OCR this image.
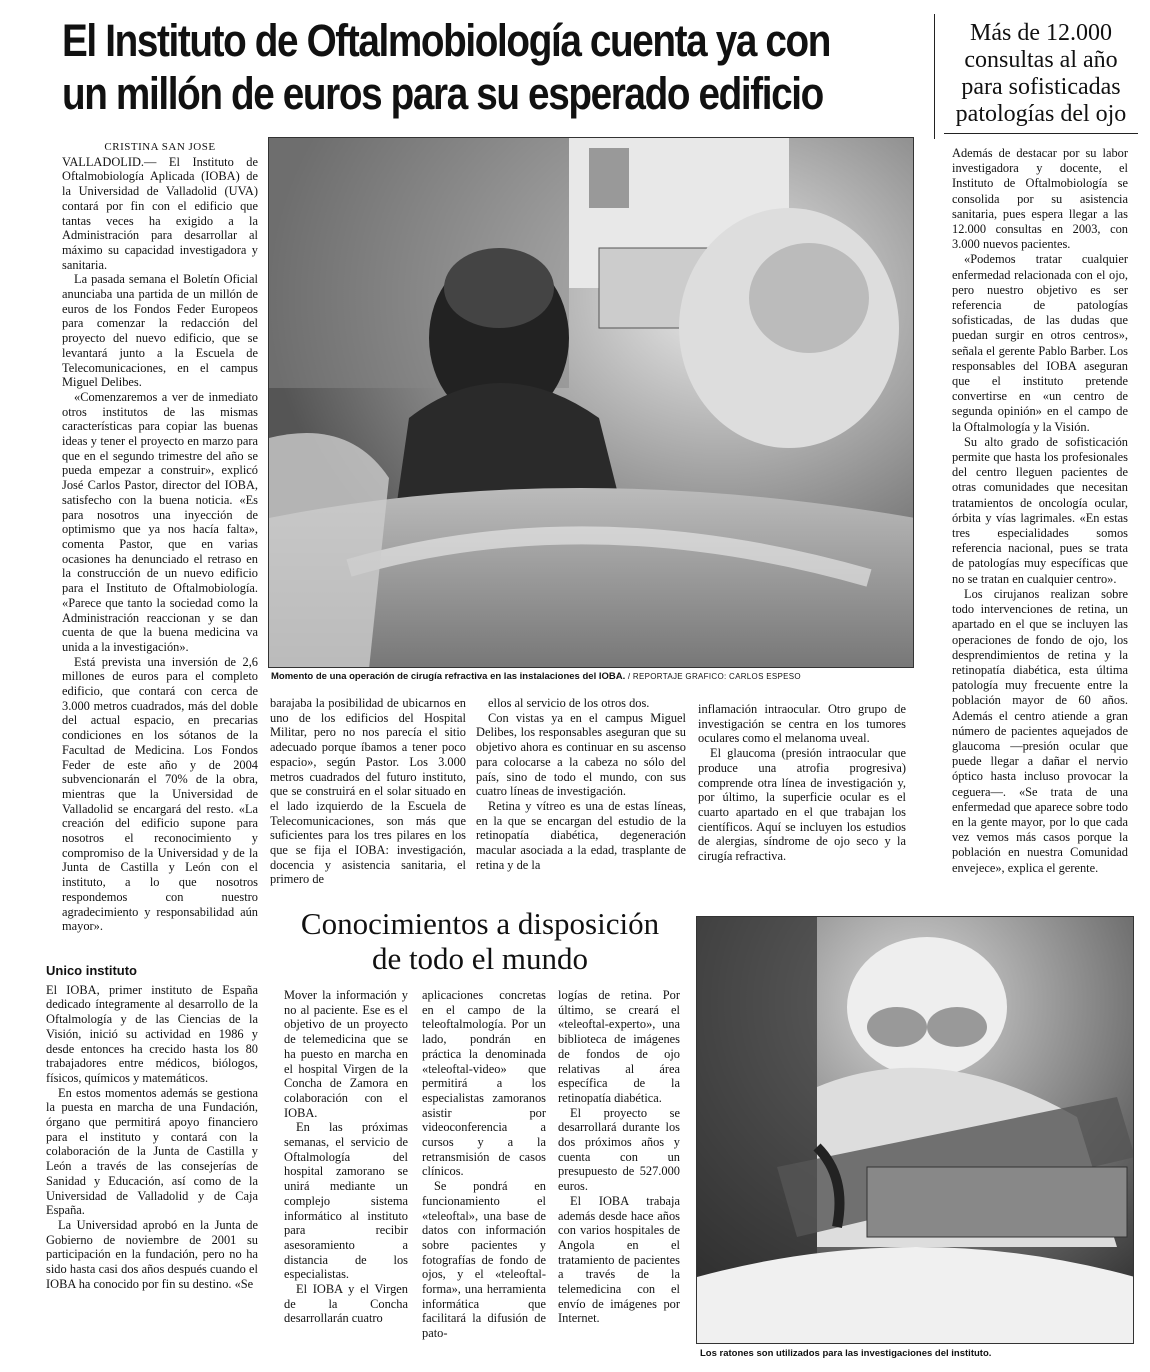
El Instituto de Oftalmobiología cuenta ya con
un millón de euros para su esperado edificio
Más de 12.000
consultas al año
para sofisticadas
patologías del ojo

Además de destacar por su labor investigadora y docente, el Instituto de Oftalmobiología se consolida por su asistencia sanitaria, pues espera llegar a las 12.000 consultas en 2003, con 3.000 nuevos pacientes.

«Podemos tratar cualquier enfermedad relacionada con el ojo, pero nuestro objetivo es ser referencia de patologías sofisticadas, de las dudas que puedan surgir en otros centros», señala el gerente Pablo Barber. Los responsables del IOBA aseguran que el instituto pretende convertirse en «un centro de segunda opinión» en el campo de la Oftalmología y la Visión.

Su alto grado de sofisticación permite que hasta los profesionales del centro lleguen pacientes de otras comunidades que necesitan tratamientos de oncología ocular, órbita y vías lagrimales. «En estas tres especialidades somos referencia nacional, pues se trata de patologías muy específicas que no se tratan en cualquier centro».

Los cirujanos realizan sobre todo intervenciones de retina, un apartado en el que se incluyen las operaciones de fondo de ojo, los desprendimientos de retina y la retinopatía diabética, esta última patología muy frecuente entre la población mayor de 60 años. Además el centro atiende a gran número de pacientes aquejados de glaucoma —presión ocular que puede llegar a dañar el nervio óptico hasta incluso provocar la ceguera—. «Se trata de una enfermedad que aparece sobre todo en la gente mayor, por lo que cada vez vemos más casos porque la población en nuestra Comunidad envejece», explica el gerente.

CRISTINA SAN JOSE

VALLADOLID.— El Instituto de Oftalmobiología Aplicada (IOBA) de la Universidad de Valladolid (UVA) contará por fin con el edificio que tantas veces ha exigido a la Administración para desarrollar al máximo su capacidad investigadora y sanitaria.

La pasada semana el Boletín Oficial anunciaba una partida de un millón de euros de los Fondos Feder Europeos para comenzar la redacción del proyecto del nuevo edificio, que se levantará junto a la Escuela de Telecomunicaciones, en el campus Miguel Delibes.

«Comenzaremos a ver de inmediato otros institutos de las mismas características para copiar las buenas ideas y tener el proyecto en marzo para que en el segundo trimestre del año se pueda empezar a construir», explicó José Carlos Pastor, director del IOBA, satisfecho con la buena noticia. «Es para nosotros una inyección de optimismo que ya nos hacía falta», comenta Pastor, que en varias ocasiones ha denunciado el retraso en la construcción de un nuevo edificio para el Instituto de Oftalmobiología. «Parece que tanto la sociedad como la Administración reaccionan y se dan cuenta de que la buena medicina va unida a la investigación».

Está prevista una inversión de 2,6 millones de euros para el completo edificio, que contará con cerca de 3.000 metros cuadrados, más del doble del actual espacio, en precarias condiciones en los sótanos de la Facultad de Medicina. Los Fondos Feder de este año y de 2004 subvencionarán el 70% de la obra, mientras que la Universidad de Valladolid se encargará del resto. «La creación del edificio supone para nosotros el reconocimiento y compromiso de la Universidad y de la Junta de Castilla y León con el instituto, a lo que nosotros respondemos con nuestro agradecimiento y responsabilidad aún mayor».

Unico instituto

El IOBA, primer instituto de España dedicado íntegramente al desarrollo de la Oftalmología y de las Ciencias de la Visión, inició su actividad en 1986 y desde entonces ha crecido hasta los 80 trabajadores entre médicos, biólogos, físicos, químicos y matemáticos.

En estos momentos además se gestiona la puesta en marcha de una Fundación, órgano que permitirá apoyo financiero para el instituto y contará con la colaboración de la Junta de Castilla y León a través de las consejerías de Sanidad y Educación, así como de la Universidad de Valladolid y de Caja España.

La Universidad aprobó en la Junta de Gobierno de noviembre de 2001 su participación en la fundación, pero no ha sido hasta casi dos años después cuando el IOBA ha conocido por fin su destino. «Se

Momento de una operación de cirugía refractiva en las instalaciones del IOBA. / REPORTAJE GRAFICO: CARLOS ESPESO

barajaba la posibilidad de ubicarnos en uno de los edificios del Hospital Militar, pero no nos parecía el sitio adecuado porque íbamos a tener poco espacio», según Pastor. Los 3.000 metros cuadrados del futuro instituto, que se construirá en el solar situado en el lado izquierdo de la Escuela de Telecomunicaciones, son más que suficientes para los tres pilares en los que se fija el IOBA: investigación, docencia y asistencia sanitaria, el primero de

ellos al servicio de los otros dos.

Con vistas ya en el campus Miguel Delibes, los responsables aseguran que su objetivo ahora es continuar en su ascenso para colocarse a la cabeza no sólo del país, sino de todo el mundo, con sus cuatro líneas de investigación.

Retina y vítreo es una de estas líneas, en la que se encargan del estudio de la retinopatía diabética, degeneración macular asociada a la edad, trasplante de retina y de la

inflamación intraocular. Otro grupo de investigación se centra en los tumores oculares como el melanoma uveal.

El glaucoma (presión intraocular que produce una atrofia progresiva) comprende otra línea de investigación y, por último, la superficie ocular es el cuarto apartado en el que trabajan los científicos. Aquí se incluyen los estudios de alergias, síndrome de ojo seco y la cirugía refractiva.

Conocimientos a disposición
de todo el mundo

Mover la información y no al paciente. Ese es el objetivo de un proyecto de telemedicina que se ha puesto en marcha en el hospital Virgen de la Concha de Zamora en colaboración con el IOBA.

En las próximas semanas, el servicio de Oftalmología del hospital zamorano se unirá mediante un complejo sistema informático al instituto para recibir asesoramiento a distancia de los especialistas.

El IOBA y el Virgen de la Concha desarrollarán cuatro

aplicaciones concretas en el campo de la teleoftalmología. Por un lado, pondrán en práctica la denominada «teleoftal-video» que permitirá a los especialistas zamoranos asistir por videoconferencia a cursos y a la retransmisión de casos clínicos.

Se pondrá en funcionamiento el «teleoftal», una base de datos con información sobre pacientes y fotografías de fondo de ojos, y el «teleoftal-forma», una herramienta informática que facilitará la difusión de pato-

logías de retina. Por último, se creará el «teleoftal-experto», una biblioteca de imágenes de fondos de ojo relativas al área específica de la retinopatía diabética.

El proyecto se desarrollará durante los dos próximos años y cuenta con un presupuesto de 527.000 euros.

El IOBA trabaja además desde hace años con varios hospitales de Angola en el tratamiento de pacientes a través de la telemedicina con el envío de imágenes por Internet.

Los ratones son utilizados para las investigaciones del instituto.
